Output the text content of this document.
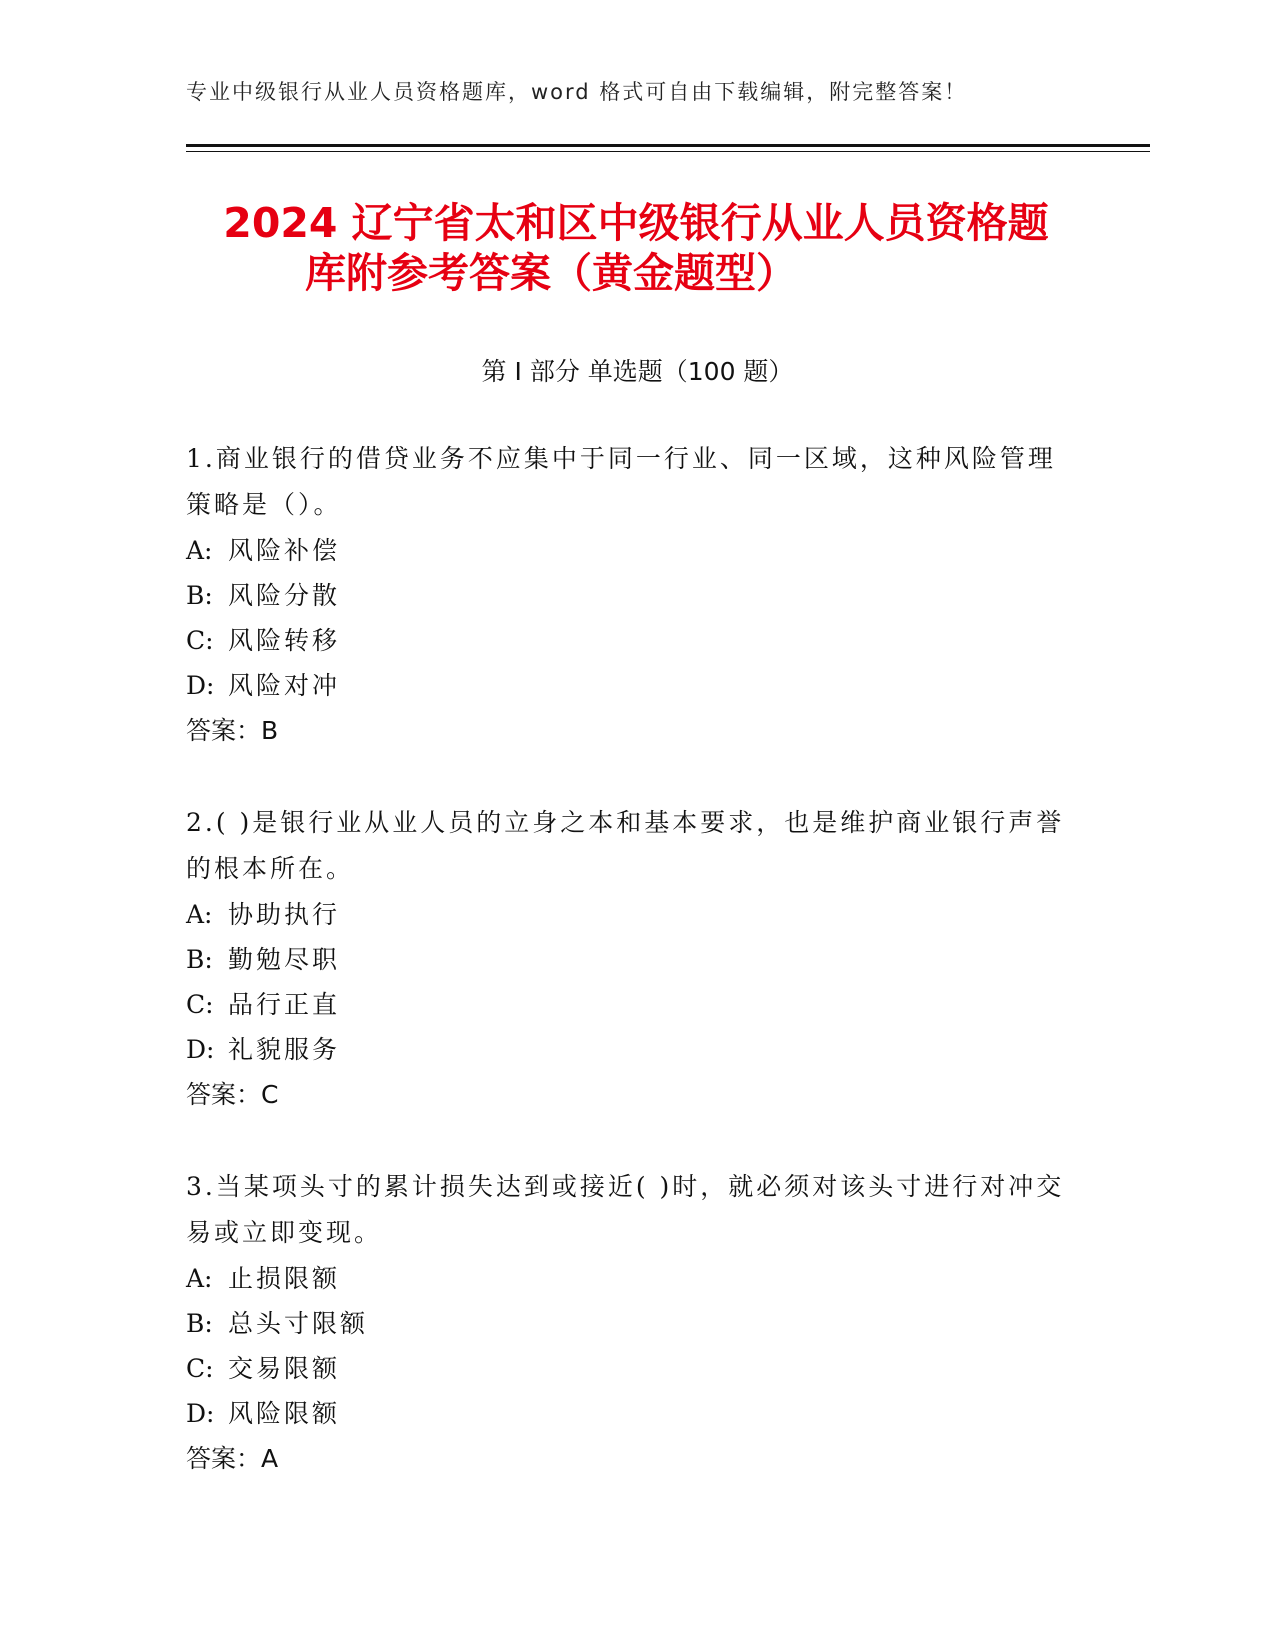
专业中级银行从业人员资格题库，word 格式可自由下载编辑，附完整答案！
2024 辽宁省太和区中级银行从业人员资格题
库附参考答案（黄金题型）
第 I 部分 单选题（100 题）

1.商业银行的借贷业务不应集中于同一行业、同一区域，这种风险管理策略是（）。

A: 风险补偿
B: 风险分散
C: 风险转移
D: 风险对冲
答案：B

2.( )是银行业从业人员的立身之本和基本要求，也是维护商业银行声誉的根本所在。

A: 协助执行
B: 勤勉尽职
C: 品行正直
D: 礼貌服务
答案：C

3.当某项头寸的累计损失达到或接近( )时，就必须对该头寸进行对冲交易或立即变现。

A: 止损限额
B: 总头寸限额
C: 交易限额
D: 风险限额
答案：A
